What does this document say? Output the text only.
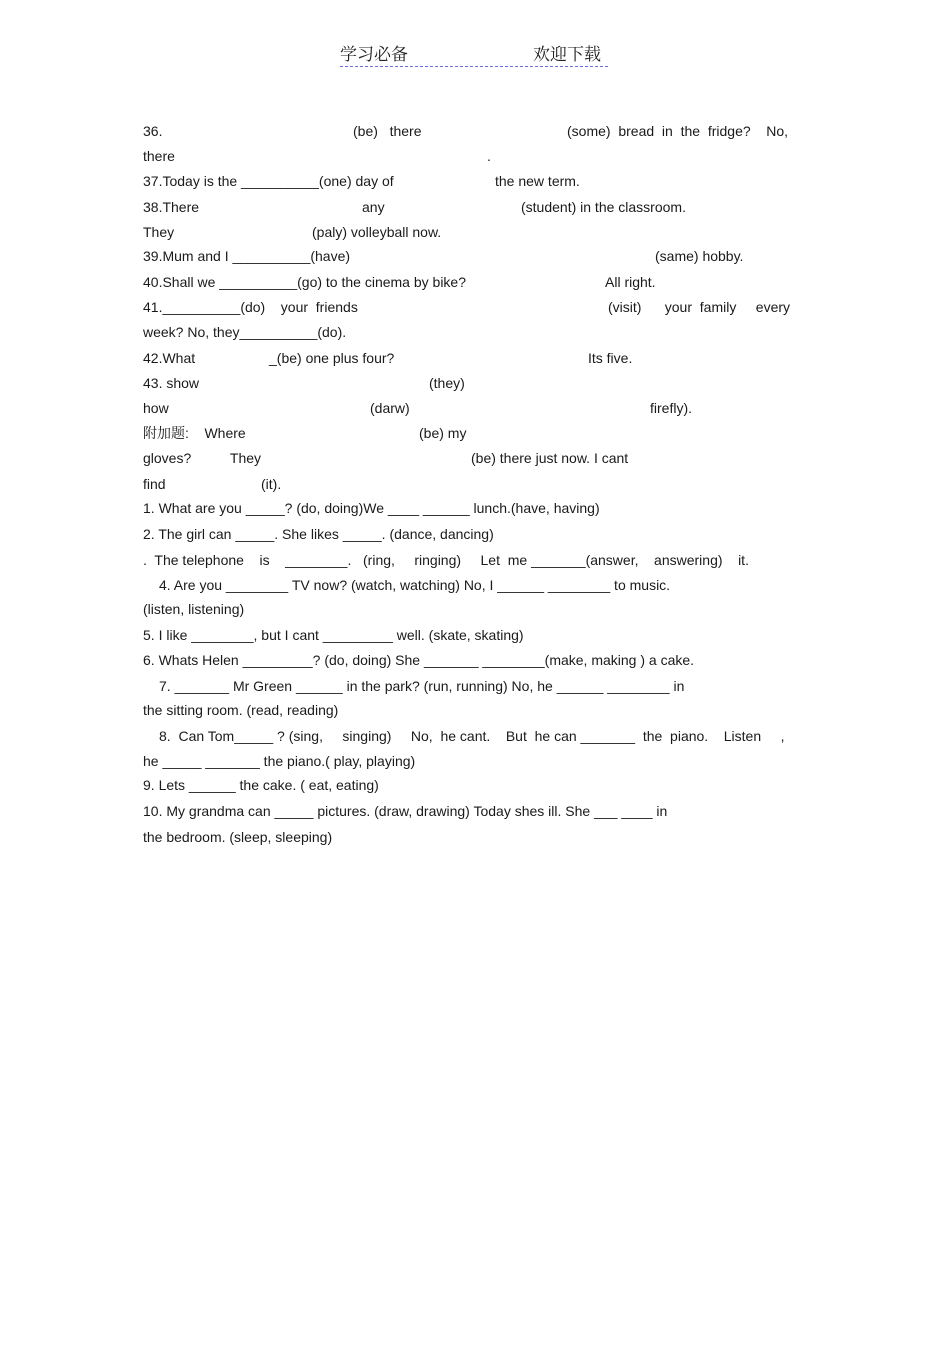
学习必备	欢迎下载
36.	(be)   there	(some)  bread  in  the  fridge?    No,
there	.
37.Today is the __________(one) day of	the new term.
38.There	any	(student) in the classroom.
They	(paly) volleyball now.
39.Mum and I __________(have)	(same) hobby.
40.Shall we __________(go) to the cinema by bike?	All right.
41.__________(do)    your  friends	(visit)      your  family     every
week? No, they__________(do).
42.What	_(be) one plus four?	Its five.
43. show	(they)
how	(darw)	firefly).
附加题:    Where	(be) my
gloves?          They	(be) there just now. I cant
find	(it).
1. What are you _____? (do, doing)We ____ ______ lunch.(have, having)
2. The girl can _____. She likes _____. (dance, dancing)
.  The telephone    is    ________.   (ring,     ringing)     Let  me _______(answer,    answering)    it.
4. Are you ________ TV now? (watch, watching) No, I ______ ________ to music.
(listen, listening)
5. I like ________, but I cant _________ well. (skate, skating)
6. Whats Helen _________? (do, doing) She _______ ________(make, making ) a cake.
7. _______ Mr Green ______ in the park? (run, running) No, he ______ ________ in
the sitting room. (read, reading)
8.  Can Tom_____ ? (sing,     singing)     No,  he cant.    But  he can _______  the  piano.    Listen     ,
he _____ _______ the piano.( play, playing)
9. Lets ______ the cake. ( eat, eating)
10. My grandma can _____ pictures. (draw, drawing) Today shes ill. She ___ ____ in
the bedroom. (sleep, sleeping)
